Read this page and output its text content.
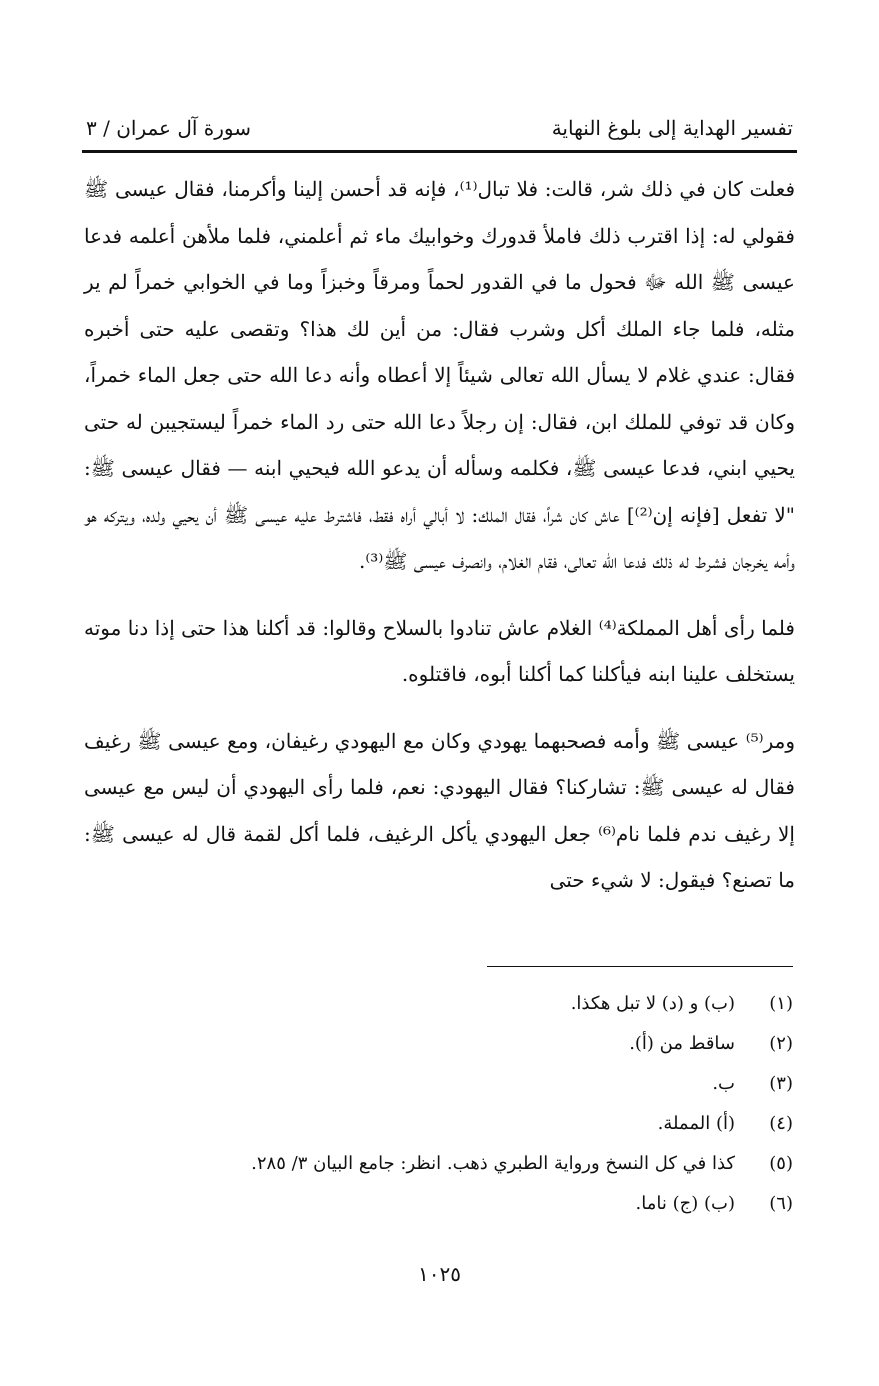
تفسير الهداية إلى بلوغ النهاية
سورة آل عمران / ٣

فعلت كان في ذلك شر، قالت: فلا تبال⁽¹⁾، فإنه قد أحسن إلينا وأكرمنا، فقال عيسى ﷺ فقولي له: إذا اقترب ذلك فاملأ قدورك وخوابيك ماء ثم أعلمني، فلما ملأهن أعلمه فدعا عيسى ﷺ الله ﷻ فحول ما في القدور لحماً ومرقاً وخبزاً وما في الخوابي خمراً لم ير مثله، فلما جاء الملك أكل وشرب فقال: من أين لك هذا؟ وتقصى عليه حتى أخبره فقال: عندي غلام لا يسأل الله تعالى شيئاً إلا أعطاه وأنه دعا الله حتى جعل الماء خمراً، وكان قد توفي للملك ابن، فقال: إن رجلاً دعا الله حتى رد الماء خمراً ليستجيبن له حتى يحيي ابني، فدعا عيسى ﷺ، فكلمه وسأله أن يدعو الله فيحيي ابنه — فقال عيسى ﷺ: "لا تفعل [فإنه إن⁽²⁾] عاش كان شراً، فقال الملك: لا أبالي أراه فقط، فاشترط عليه عيسى ﷺ أن يحيي ولده، ويتركه هو وأمه يخرجان فشرط له ذلك فدعا الله تعالى، فقام الغلام، وانصرف عيسى ﷺ⁽³⁾.

فلما رأى أهل المملكة⁽⁴⁾ الغلام عاش تنادوا بالسلاح وقالوا: قد أكلنا هذا حتى إذا دنا موته يستخلف علينا ابنه فيأكلنا كما أكلنا أبوه، فاقتلوه.

ومر⁽⁵⁾ عيسى ﷺ وأمه فصحبهما يهودي وكان مع اليهودي رغيفان، ومع عيسى ﷺ رغيف فقال له عيسى ﷺ: تشاركنا؟ فقال اليهودي: نعم، فلما رأى اليهودي أن ليس مع عيسى إلا رغيف ندم فلما نام⁽⁶⁾ جعل اليهودي يأكل الرغيف، فلما أكل لقمة قال له عيسى ﷺ: ما تصنع؟ فيقول: لا شيء حتى

(١)
(ب) و (د) لا تبل هكذا.
(٢)
ساقط من (أ).
(٣)
ب.
(٤)
(أ) المملة.
(٥)
كذا في كل النسخ ورواية الطبري ذهب. انظر: جامع البيان ٣/ ٢٨٥.
(٦)
(ب) (ج) ناما.
١٠٢٥
